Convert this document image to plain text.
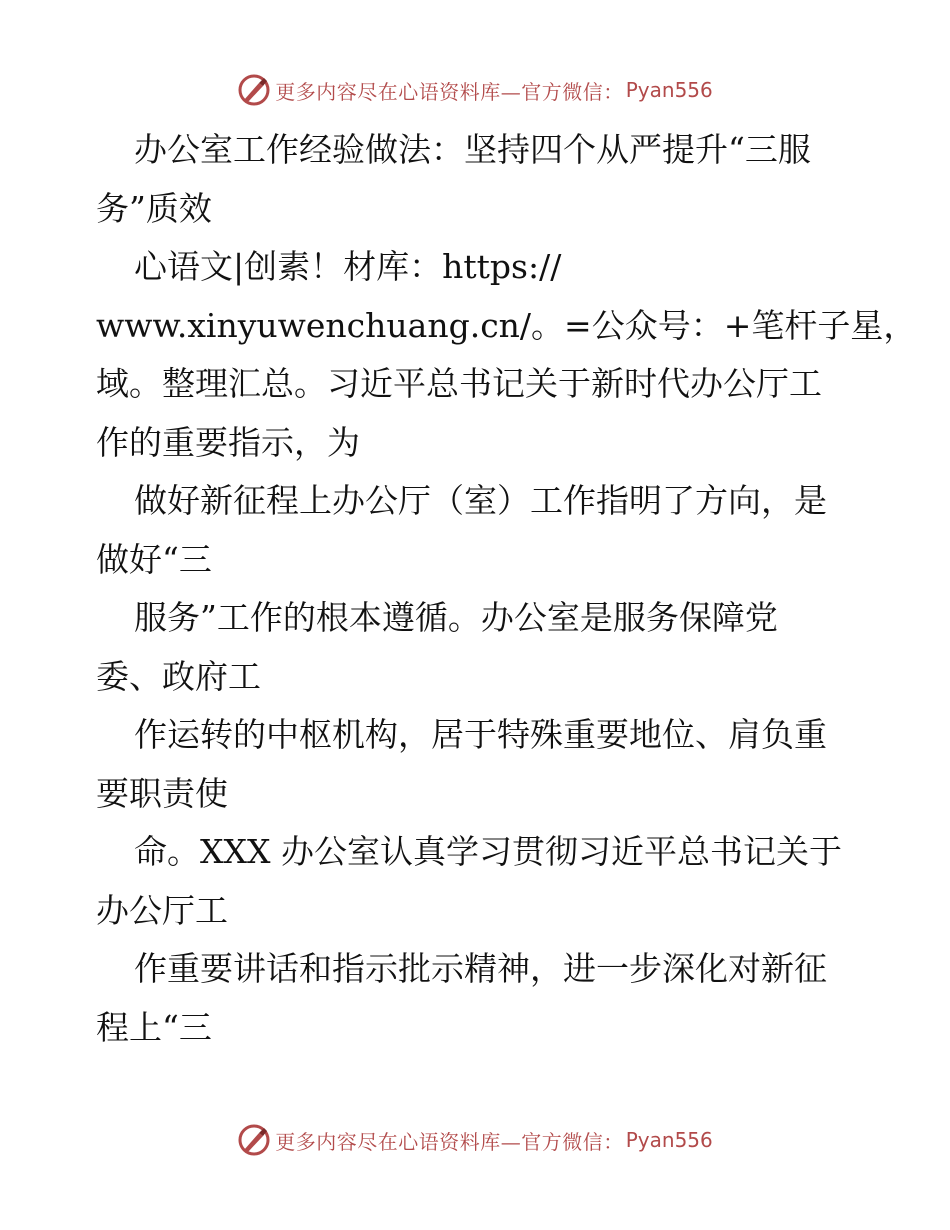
更多内容尽在心语资料库—官方微信： Pyan556

办公室工作经验做法：坚持四个从严提升“三服

务”质效

心语文|创素！材库：https://

www.xinyuwenchuang.cn/。=公众号：+笔杆子星，

域。整理汇总。习近平总书记关于新时代办公厅工

作的重要指示，为

做好新征程上办公厅（室）工作指明了方向，是

做好“三

服务”工作的根本遵循。办公室是服务保障党

委、政府工

作运转的中枢机构，居于特殊重要地位、肩负重

要职责使

命。XXX 办公室认真学习贯彻习近平总书记关于

办公厅工

作重要讲话和指示批示精神，进一步深化对新征

程上“三

更多内容尽在心语资料库—官方微信： Pyan556
